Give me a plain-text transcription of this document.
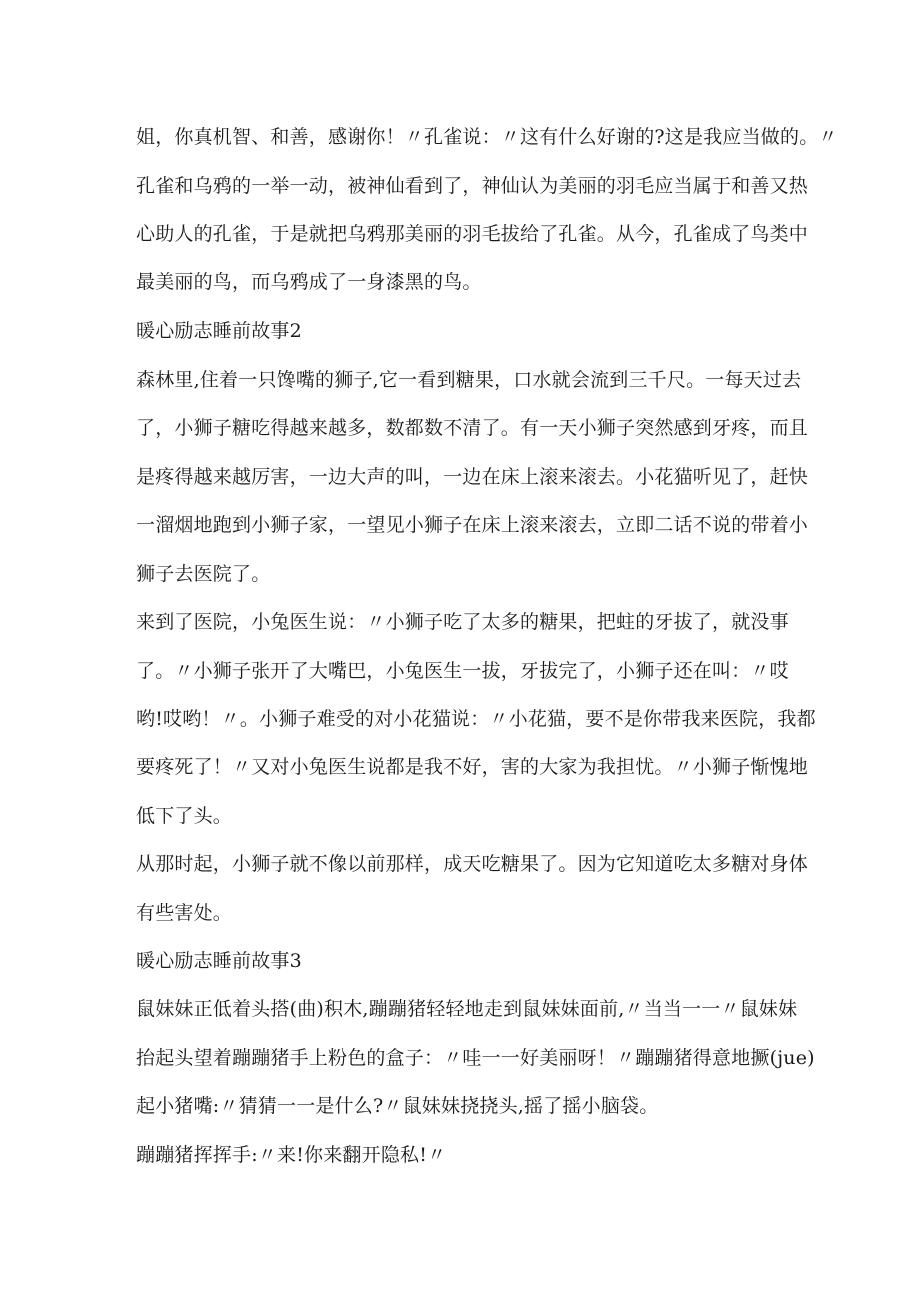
姐，你真机智、和善，感谢你！〃孔雀说：〃这有什么好谢的?这是我应当做的。〃
孔雀和乌鸦的一举一动，被神仙看到了，神仙认为美丽的羽毛应当属于和善又热
心助人的孔雀，于是就把乌鸦那美丽的羽毛拔给了孔雀。从今，孔雀成了鸟类中
最美丽的鸟，而乌鸦成了一身漆黑的鸟。
暖心励志睡前故事2
森林里,住着一只馋嘴的狮子,它一看到糖果，口水就会流到三千尺。一每天过去
了，小狮子糖吃得越来越多，数都数不清了。有一天小狮子突然感到牙疼，而且
是疼得越来越厉害，一边大声的叫，一边在床上滚来滚去。小花猫听见了，赶快
一溜烟地跑到小狮子家，一望见小狮子在床上滚来滚去，立即二话不说的带着小
狮子去医院了。
来到了医院，小兔医生说：〃小狮子吃了太多的糖果，把蛀的牙拔了，就没事
了。〃小狮子张开了大嘴巴，小兔医生一拔，牙拔完了，小狮子还在叫：〃哎
哟!哎哟！〃。小狮子难受的对小花猫说：〃小花猫，要不是你带我来医院，我都
要疼死了！〃又对小兔医生说都是我不好，害的大家为我担忧。〃小狮子惭愧地
低下了头。
从那时起，小狮子就不像以前那样，成天吃糖果了。因为它知道吃太多糖对身体
有些害处。
暖心励志睡前故事3
鼠妹妹正低着头搭(曲)积木,蹦蹦猪轻轻地走到鼠妹妹面前,〃当当一一〃鼠妹妹
抬起头望着蹦蹦猪手上粉色的盒子：〃哇一一好美丽呀！〃蹦蹦猪得意地撅(jue)
起小猪嘴:〃猜猜一一是什么?〃鼠妹妹挠挠头,摇了摇小脑袋。
蹦蹦猪挥挥手:〃来!你来翻开隐私!〃
